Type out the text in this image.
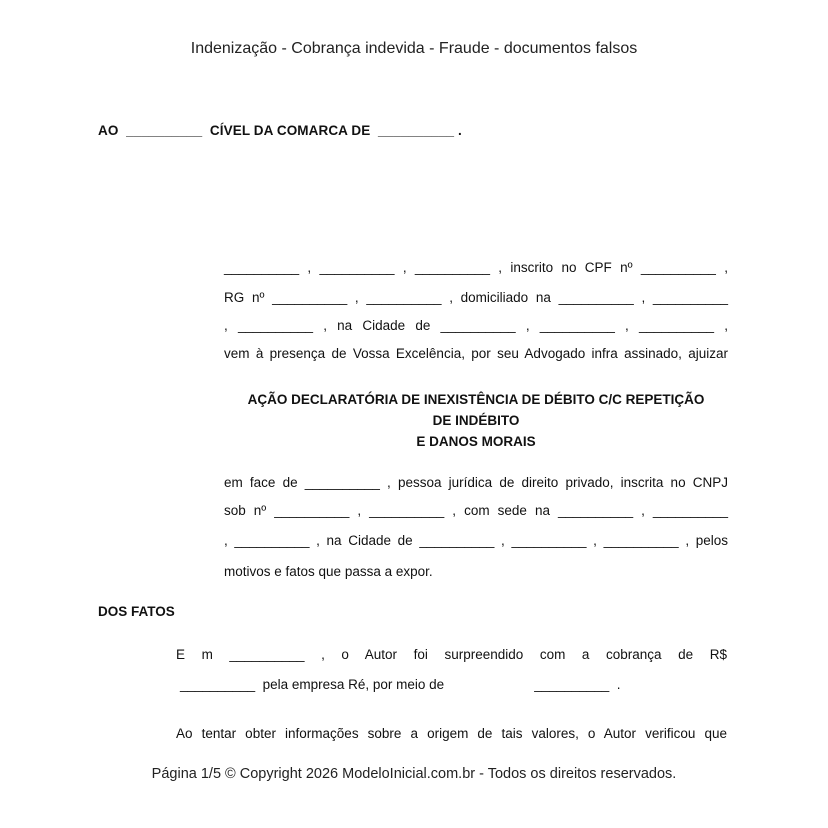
Indenização - Cobrança indevida - Fraude - documentos falsos
AO  __________  CÍVEL DA COMARCA DE  __________ .
__________ , __________ , __________ , inscrito no CPF nº __________ ,
RG nº __________ , __________ , domiciliado na __________ , __________
, __________ , na Cidade de __________ , __________ , __________ ,
vem à presença de Vossa Excelência, por seu Advogado infra assinado, ajuizar
AÇÃO DECLARATÓRIA DE INEXISTÊNCIA DE DÉBITO C/C REPETIÇÃO
DE INDÉBITO
E DANOS MORAIS
em face de __________ , pessoa jurídica de direito privado, inscrita no CNPJ
sob nº __________ , __________ , com sede na __________ , __________
, __________ , na Cidade de __________ , __________ , __________ , pelos
motivos e fatos que passa a expor.
DOS FATOS
E m __________ , o Autor foi surpreendido com a cobrança de R$
__________  pela empresa Ré, por meio de                        __________  .
Ao tentar obter informações sobre a origem de tais valores, o Autor verificou que
Página 1/5 © Copyright 2026 ModeloInicial.com.br - Todos os direitos reservados.
